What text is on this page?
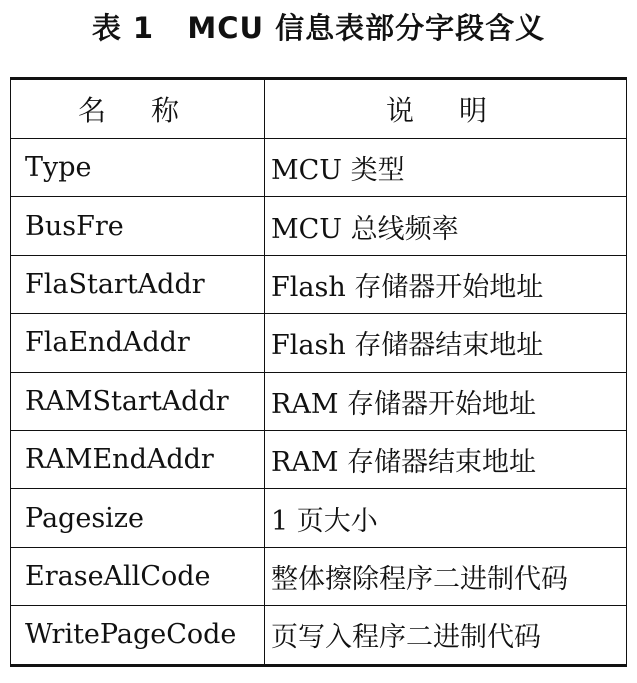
表 1   MCU 信息表部分字段含义
名 称	说 明
Type	MCU 类型
BusFre	MCU 总线频率
FlaStartAddr	Flash 存储器开始地址
FlaEndAddr	Flash 存储器结束地址
RAMStartAddr	RAM 存储器开始地址
RAMEndAddr	RAM 存储器结束地址
Pagesize	1 页大小
EraseAllCode	整体擦除程序二进制代码
WritePageCode	页写入程序二进制代码
